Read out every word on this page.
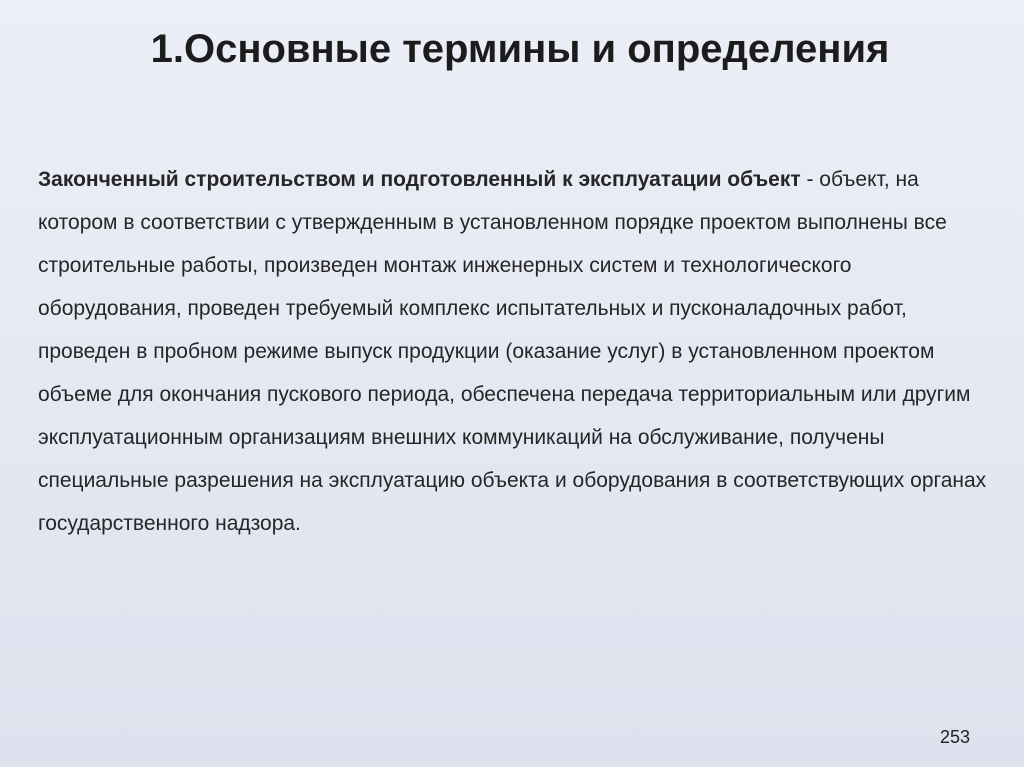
1.Основные термины и определения

Законченный строительством и подготовленный к эксплуатации объект - объект, на котором в соответствии с утвержденным в установленном порядке проектом выполнены все строительные работы, произведен монтаж инженерных систем и технологического оборудования, проведен требуемый комплекс испытательных и пусконаладочных работ, проведен в пробном режиме выпуск продукции (оказание услуг) в установленном проектом объеме для окончания пускового периода, обеспечена передача территориальным или другим эксплуатационным организациям внешних коммуникаций на обслуживание, получены специальные разрешения на эксплуатацию объекта и оборудования в соответствующих органах государственного надзора.

253
